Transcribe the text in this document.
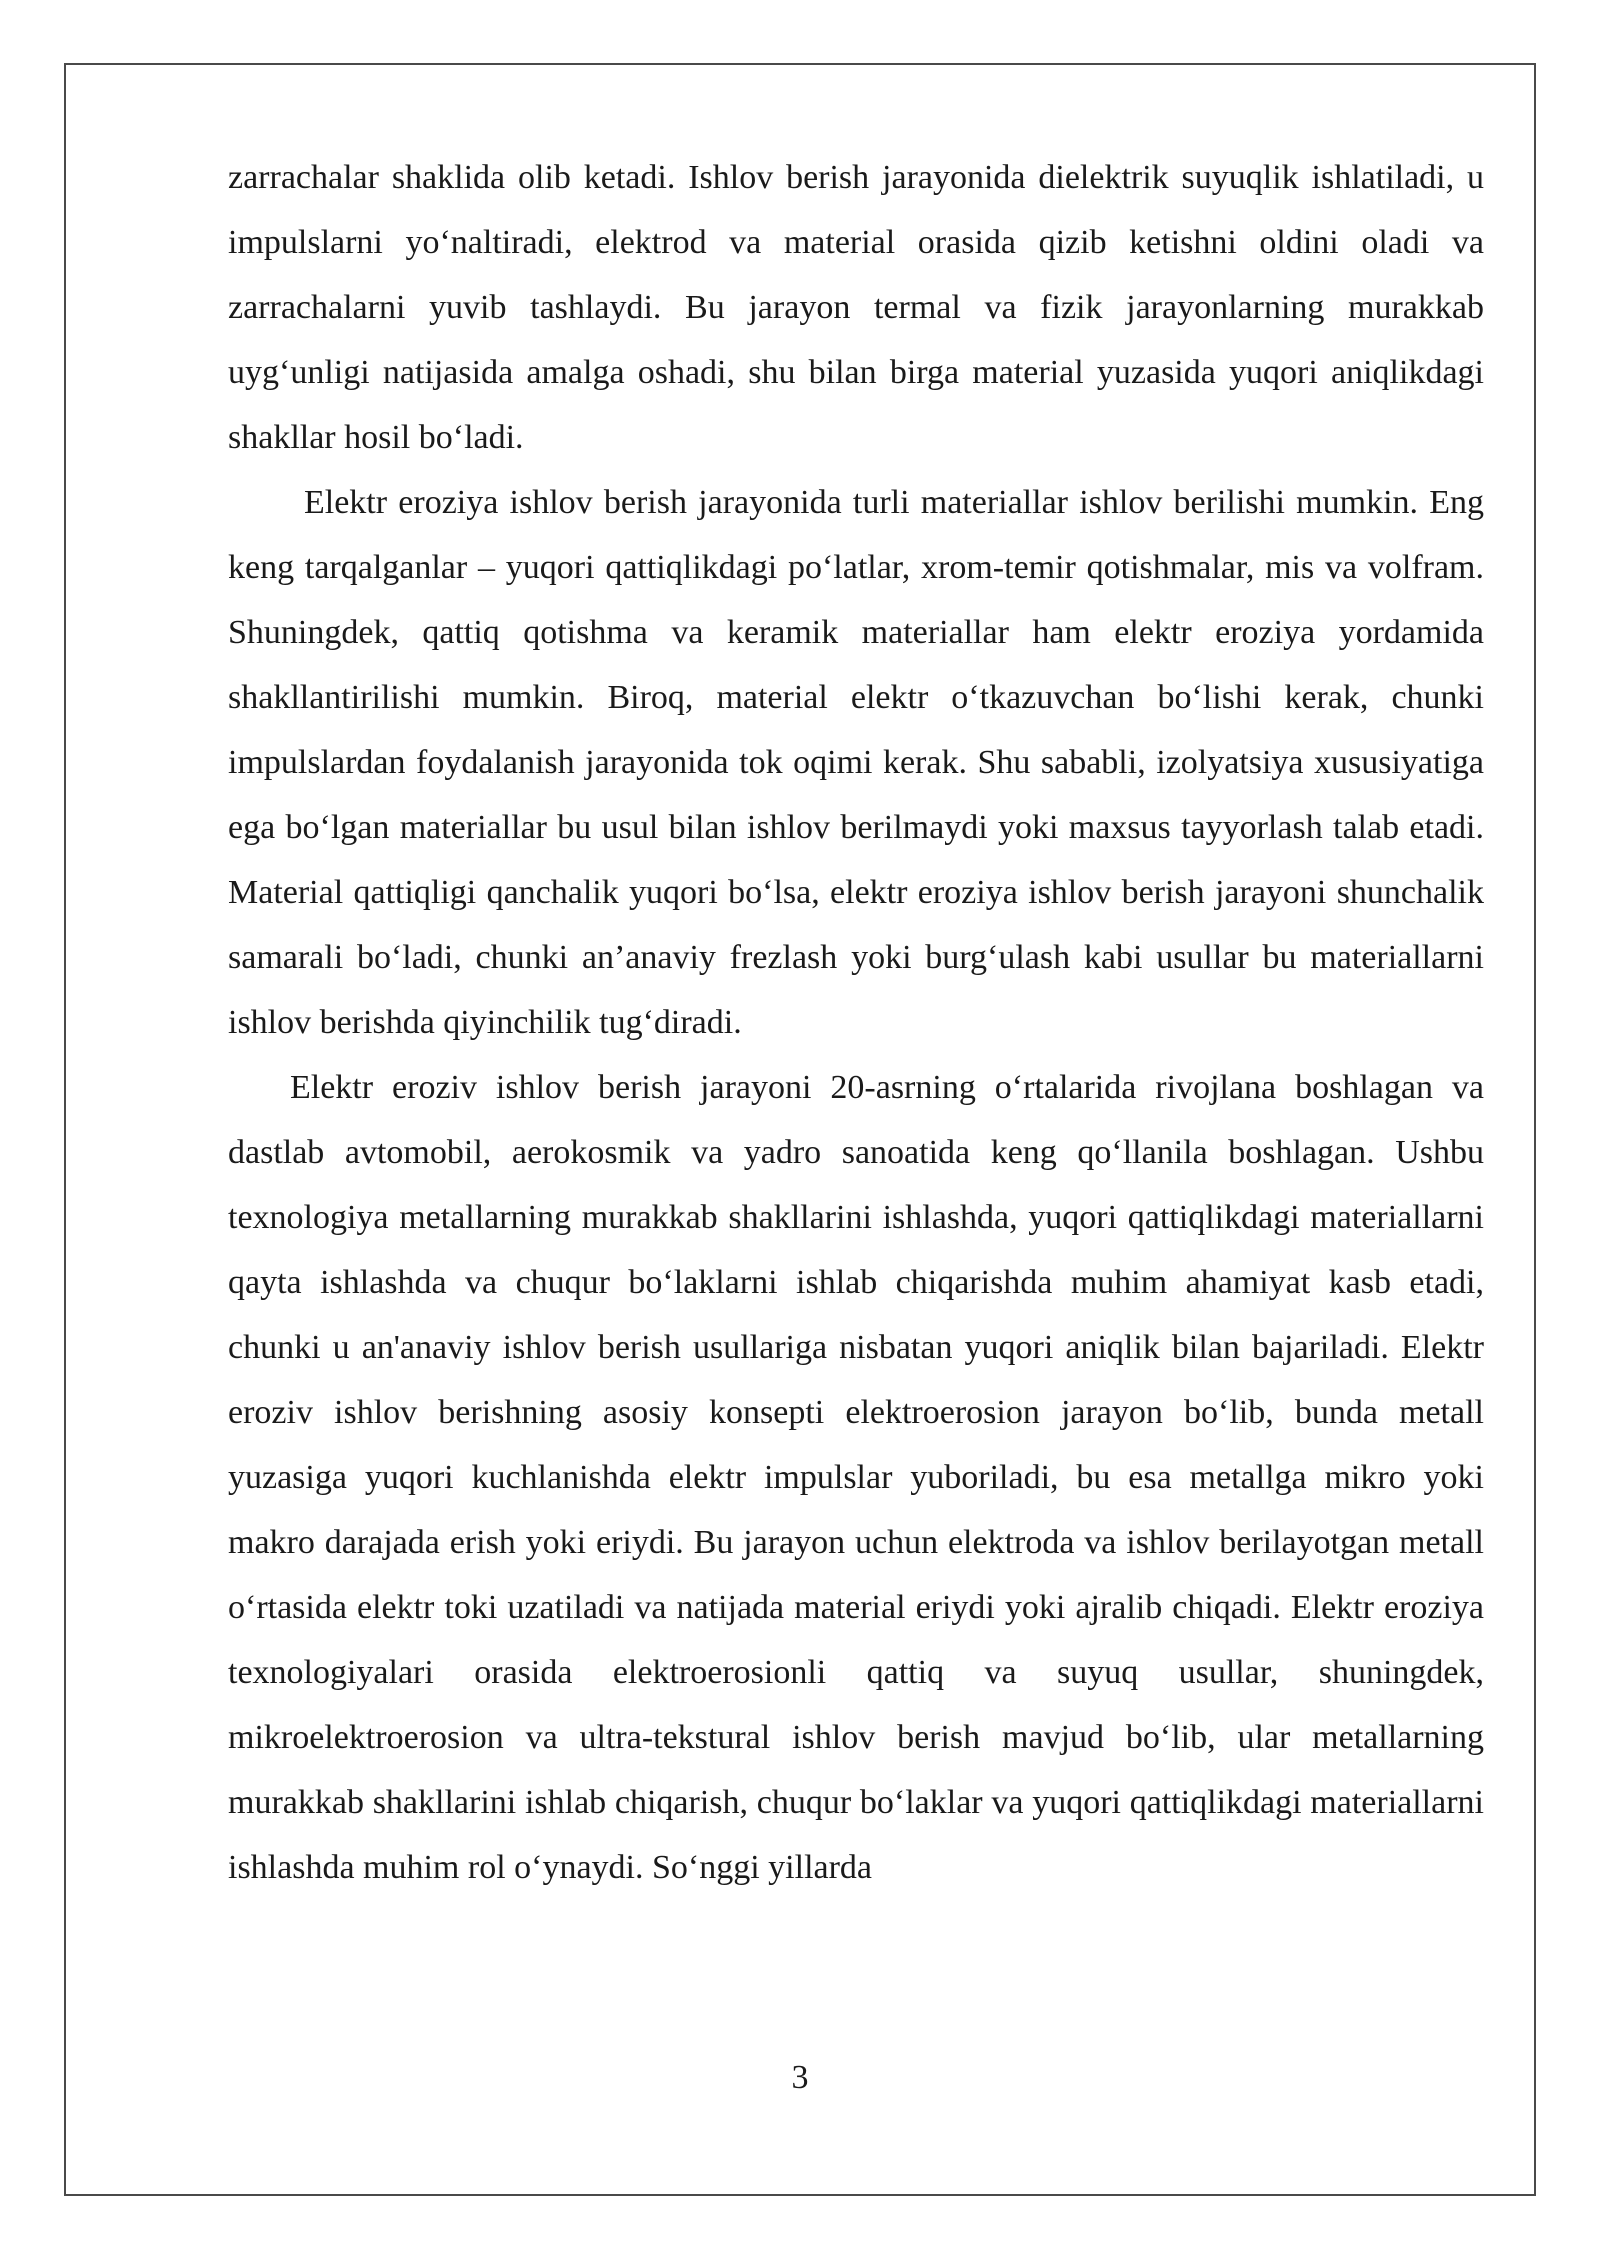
zarrachalar shaklida olib ketadi. Ishlov berish jarayonida dielektrik suyuqlik ishlatiladi, u impulslarni yo‘naltiradi, elektrod va material orasida qizib ketishni oldini oladi va zarrachalarni yuvib tashlaydi. Bu jarayon termal va fizik jarayonlarning murakkab uyg‘unligi natijasida amalga oshadi, shu bilan birga material yuzasida yuqori aniqlikdagi shakllar hosil bo‘ladi.

Elektr eroziya ishlov berish jarayonida turli materiallar ishlov berilishi mumkin. Eng keng tarqalganlar – yuqori qattiqlikdagi po‘latlar, xrom-temir qotishmalar, mis va volfram. Shuningdek, qattiq qotishma va keramik materiallar ham elektr eroziya yordamida shakllantirilishi mumkin. Biroq, material elektr o‘tkazuvchan bo‘lishi kerak, chunki impulslardan foydalanish jarayonida tok oqimi kerak. Shu sababli, izolyatsiya xususiyatiga ega bo‘lgan materiallar bu usul bilan ishlov berilmaydi yoki maxsus tayyorlash talab etadi. Material qattiqligi qanchalik yuqori bo‘lsa, elektr eroziya ishlov berish jarayoni shunchalik samarali bo‘ladi, chunki an’anaviy frezlash yoki burg‘ulash kabi usullar bu materiallarni ishlov berishda qiyinchilik tug‘diradi.

Elektr eroziv ishlov berish jarayoni 20-asrning o‘rtalarida rivojlana boshlagan va dastlab avtomobil, aerokosmik va yadro sanoatida keng qo‘llanila boshlagan. Ushbu texnologiya metallarning murakkab shakllarini ishlashda, yuqori qattiqlikdagi materiallarni qayta ishlashda va chuqur bo‘laklarni ishlab chiqarishda muhim ahamiyat kasb etadi, chunki u an'anaviy ishlov berish usullariga nisbatan yuqori aniqlik bilan bajariladi. Elektr eroziv ishlov berishning asosiy konsepti elektroerosion jarayon bo‘lib, bunda metall yuzasiga yuqori kuchlanishda elektr impulslar yuboriladi, bu esa metallga mikro yoki makro darajada erish yoki eriydi. Bu jarayon uchun elektroda va ishlov berilayotgan metall o‘rtasida elektr toki uzatiladi va natijada material eriydi yoki ajralib chiqadi. Elektr eroziya texnologiyalari orasida elektroerosionli qattiq va suyuq usullar, shuningdek, mikroelektroerosion va ultra-tekstural ishlov berish mavjud bo‘lib, ular metallarning murakkab shakllarini ishlab chiqarish, chuqur bo‘laklar va yuqori qattiqlikdagi materiallarni ishlashda muhim rol o‘ynaydi. So‘nggi yillarda

3
